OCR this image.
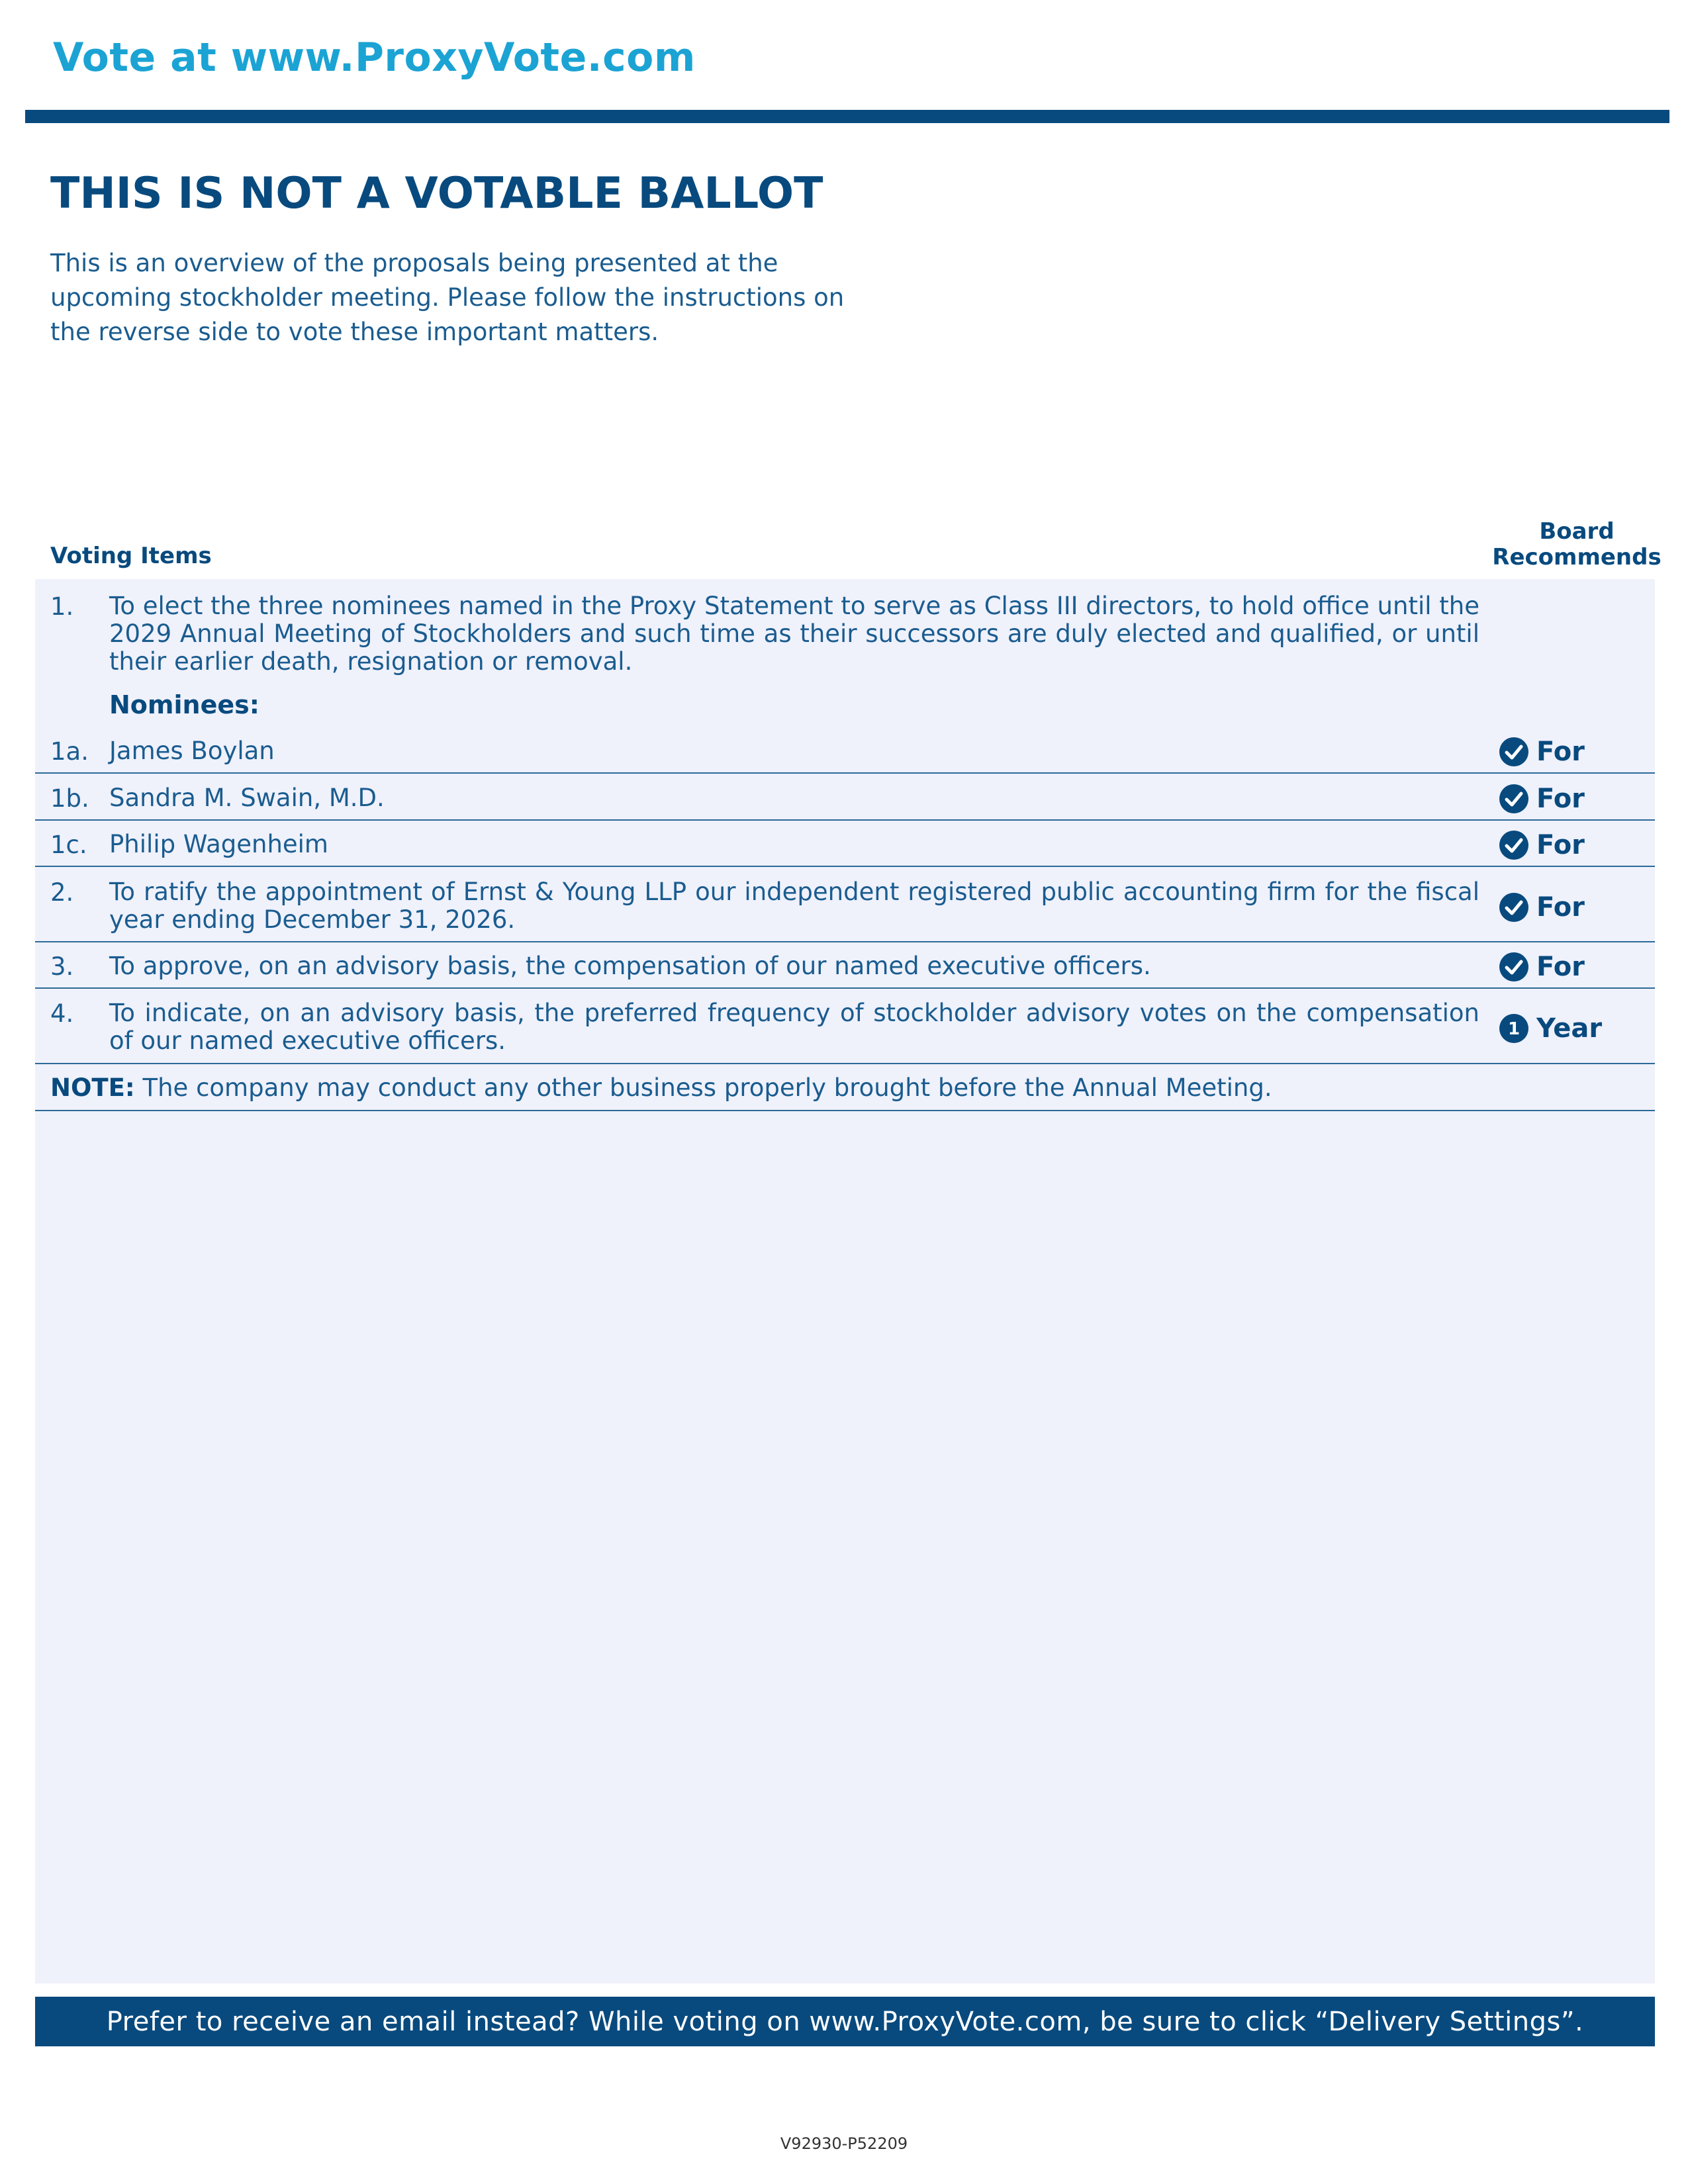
Vote at www.ProxyVote.com
THIS IS NOT A VOTABLE BALLOT

This is an overview of the proposals being presented at the upcoming stockholder meeting. Please follow the instructions on the reverse side to vote these important matters.

Voting Items
Board
Recommends
1. To elect the three nominees named in the Proxy Statement to serve as Class III directors, to hold office until the 2029 Annual Meeting of Stockholders and such time as their successors are duly elected and qualified, or until their earlier death, resignation or removal.
Nominees:
1a. James Boylan	For
1b. Sandra M. Swain, M.D.	For
1c. Philip Wagenheim	For
2. To ratify the appointment of Ernst & Young LLP our independent registered public accounting firm for the fiscal year ending December 31, 2026.	For
3. To approve, on an advisory basis, the compensation of our named executive officers.	For
4. To indicate, on an advisory basis, the preferred frequency of stockholder advisory votes on the compensation of our named executive officers.	1 Year
NOTE: The company may conduct any other business properly brought before the Annual Meeting.
Prefer to receive an email instead? While voting on www.ProxyVote.com, be sure to click “Delivery Settings”.
V92930-P52209
